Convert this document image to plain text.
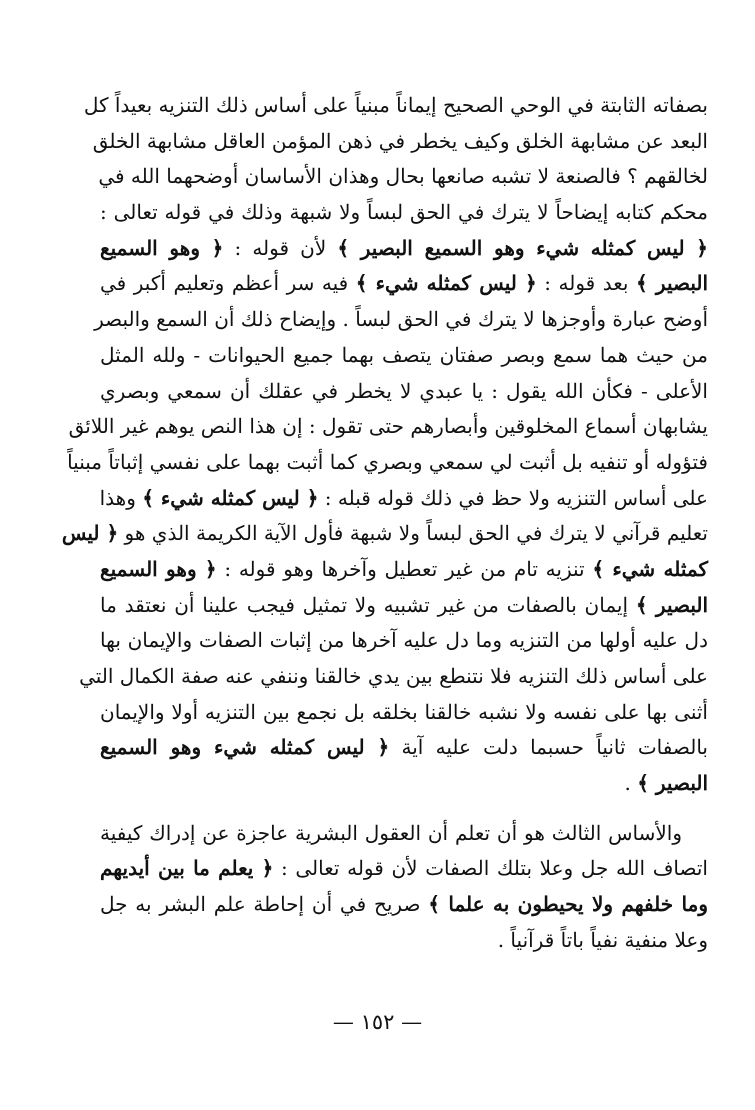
بصفاته الثابتة في الوحي الصحيح إيماناً مبنياً على أساس ذلك التنزيه بعيداً كل
البعد عن مشابهة الخلق وكيف يخطر في ذهن المؤمن العاقل مشابهة الخلق
لخالقهم ؟ فالصنعة لا تشبه صانعها بحال وهذان الأساسان أوضحهما الله في
محكم كتابه إيضاحاً لا يترك في الحق لبساً ولا شبهة وذلك في قوله تعالى :
﴿ ليس كمثله شيء وهو السميع البصير ﴾ لأن قوله : ﴿ وهو السميع
البصير ﴾ بعد قوله : ﴿ ليس كمثله شيء ﴾ فيه سر أعظم وتعليم أكبر في
أوضح عبارة وأوجزها لا يترك في الحق لبساً . وإيضاح ذلك أن السمع والبصر
من حيث هما سمع وبصر صفتان يتصف بهما جميع الحيوانات - ولله المثل
الأعلى - فكأن الله يقول : يا عبدي لا يخطر في عقلك أن سمعي وبصري
يشابهان أسماع المخلوقين وأبصارهم حتى تقول : إن هذا النص يوهم غير اللائق
فتؤوله أو تنفيه بل أثبت لي سمعي وبصري كما أثبت بهما على نفسي إثباتاً مبنياً
على أساس التنزيه ولا حظ في ذلك قوله قبله : ﴿ ليس كمثله شيء ﴾ وهذا
تعليم قرآني لا يترك في الحق لبساً ولا شبهة فأول الآية الكريمة الذي هو ﴿ ليس
كمثله شيء ﴾ تنزيه تام من غير تعطيل وآخرها وهو قوله : ﴿ وهو السميع
البصير ﴾ إيمان بالصفات من غير تشبيه ولا تمثيل فيجب علينا أن نعتقد ما
دل عليه أولها من التنزيه وما دل عليه آخرها من إثبات الصفات والإيمان بها
على أساس ذلك التنزيه فلا نتنطع بين يدي خالقنا وننفي عنه صفة الكمال التي
أثنى بها على نفسه ولا نشبه خالقنا بخلقه بل نجمع بين التنزيه أولا والإيمان
بالصفات ثانياً حسبما دلت عليه آية ﴿ ليس كمثله شيء وهو السميع
البصير ﴾ .
والأساس الثالث هو أن تعلم أن العقول البشرية عاجزة عن إدراك كيفية
اتصاف الله جل وعلا بتلك الصفات لأن قوله تعالى : ﴿ يعلم ما بين أيديهم
وما خلفهم ولا يحيطون به علما ﴾ صريح في أن إحاطة علم البشر به جل
وعلا منفية نفياً باتاً قرآنياً .
— ١٥٢ —
